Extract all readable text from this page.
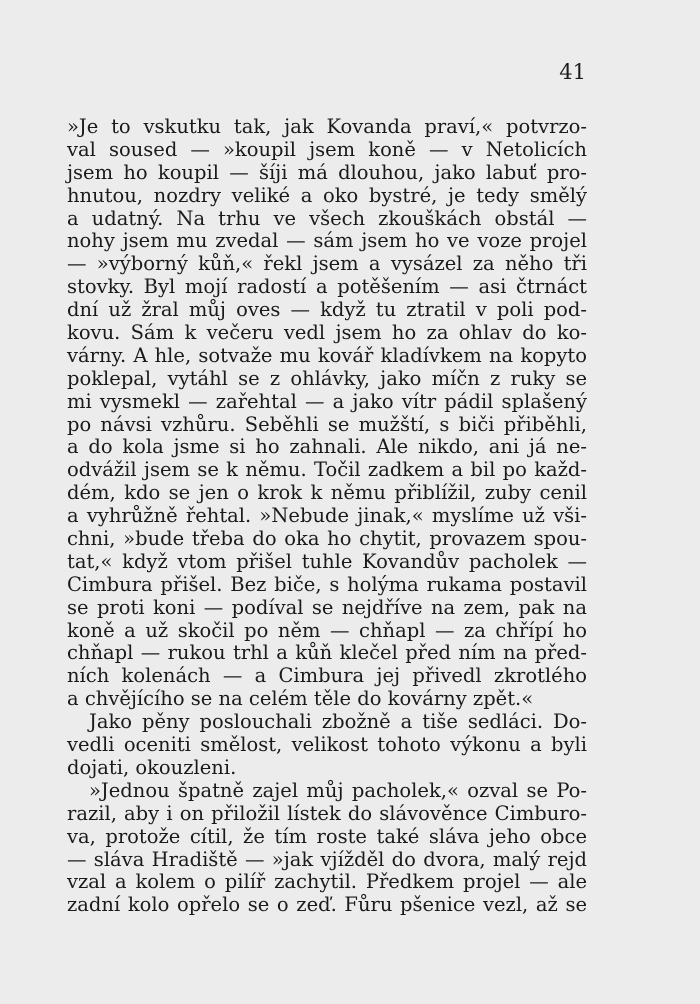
41
»Je to vskutku tak, jak Kovanda praví,« potvrzo-
val soused — »koupil jsem koně — v Netolicích
jsem ho koupil — šíji má dlouhou, jako labuť pro-
hnutou, nozdry veliké a oko bystré, je tedy smělý
a udatný. Na trhu ve všech zkouškách obstál —
nohy jsem mu zvedal — sám jsem ho ve voze projel
— »výborný kůň,« řekl jsem a vysázel za něho tři
stovky. Byl mojí radostí a potěšením — asi čtrnáct
dní už žral můj oves — když tu ztratil v poli pod-
kovu. Sám k večeru vedl jsem ho za ohlav do ko-
várny. A hle, sotvaže mu kovář kladívkem na kopyto
poklepal, vytáhl se z ohlávky, jako míčn z ruky se
mi vysmekl — zařehtal — a jako vítr pádil splašený
po návsi vzhůru. Seběhli se mužští, s biči přiběhli,
a do kola jsme si ho zahnali. Ale nikdo, ani já ne-
odvážil jsem se k němu. Točil zadkem a bil po každ-
dém, kdo se jen o krok k němu přiblížil, zuby cenil
a vyhrůžně řehtal. »Nebude jinak,« myslíme už vši-
chni, »bude třeba do oka ho chytit, provazem spou-
tat,« když vtom přišel tuhle Kovandův pacholek —
Cimbura přišel. Bez biče, s holýma rukama postavil
se proti koni — podíval se nejdříve na zem, pak na
koně a už skočil po něm — chňapl — za chřípí ho
chňapl — rukou trhl a kůň klečel před ním na před-
ních kolenách — a Cimbura jej přivedl zkrotlého
a chvějícího se na celém těle do kovárny zpět.«
Jako pěny poslouchali zbožně a tiše sedláci. Do-
vedli oceniti smělost, velikost tohoto výkonu a byli
dojati, okouzleni.
»Jednou špatně zajel můj pacholek,« ozval se Po-
razil, aby i on přiložil lístek do slávověnce Cimburo-
va, protože cítil, že tím roste také sláva jeho obce
— sláva Hradiště — »jak vjížděl do dvora, malý rejd
vzal a kolem o pilíř zachytil. Předkem projel — ale
zadní kolo opřelo se o zeď. Fůru pšenice vezl, až se
